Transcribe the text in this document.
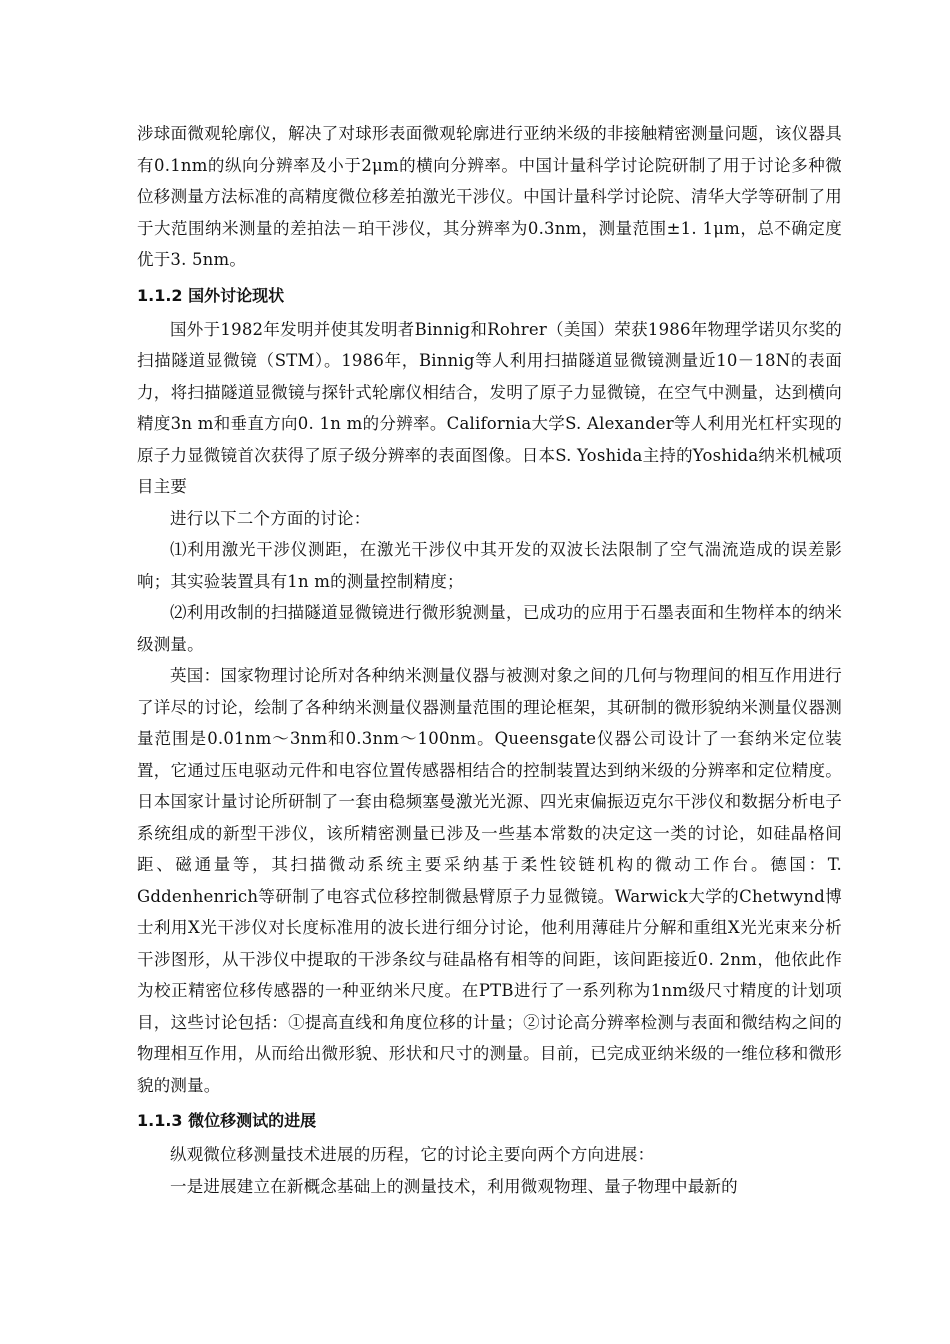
涉球面微观轮廓仪，解决了对球形表面微观轮廓进行亚纳米级的非接触精密测量问题，该仪器具有0.1nm的纵向分辨率及小于2μm的横向分辨率。中国计量科学讨论院研制了用于讨论多种微位移测量方法标准的高精度微位移差拍激光干涉仪。中国计量科学讨论院、清华大学等研制了用于大范围纳米测量的差拍法－珀干涉仪，其分辨率为0.3nm，测量范围±1. 1μm，总不确定度优于3. 5nm。

1.1.2 国外讨论现状

国外于1982年发明并使其发明者Binnig和Rohrer（美国）荣获1986年物理学诺贝尔奖的扫描隧道显微镜（STM）。1986年，Binnig等人利用扫描隧道显微镜测量近10－18N的表面力，将扫描隧道显微镜与探针式轮廓仪相结合，发明了原子力显微镜，在空气中测量，达到横向精度3n m和垂直方向0. 1n m的分辨率。California大学S. Alexander等人利用光杠杆实现的原子力显微镜首次获得了原子级分辨率的表面图像。日本S. Yoshida主持的Yoshida纳米机械项目主要
进行以下二个方面的讨论：

⑴利用激光干涉仪测距，在激光干涉仪中其开发的双波长法限制了空气湍流造成的误差影响；其实验装置具有1n m的测量控制精度；

⑵利用改制的扫描隧道显微镜进行微形貌测量，已成功的应用于石墨表面和生物样本的纳米级测量。

英国：国家物理讨论所对各种纳米测量仪器与被测对象之间的几何与物理间的相互作用进行了详尽的讨论，绘制了各种纳米测量仪器测量范围的理论框架，其研制的微形貌纳米测量仪器测量范围是0.01nm～3nm和0.3nm～100nm。Queensgate仪器公司设计了一套纳米定位装置，它通过压电驱动元件和电容位置传感器相结合的控制装置达到纳米级的分辨率和定位精度。日本国家计量讨论所研制了一套由稳频塞曼激光光源、四光束偏振迈克尔干涉仪和数据分析电子系统组成的新型干涉仪，该所精密测量已涉及一些基本常数的决定这一类的讨论，如硅晶格间距、磁通量等，其扫描微动系统主要采纳基于柔性铰链机构的微动工作台。德国：T. Gddenhenrich等研制了电容式位移控制微悬臂原子力显微镜。Warwick大学的Chetwynd博士利用X光干涉仪对长度标准用的波长进行细分讨论，他利用薄硅片分解和重组X光光束来分析干涉图形，从干涉仪中提取的干涉条纹与硅晶格有相等的间距，该间距接近0. 2nm，他依此作为校正精密位移传感器的一种亚纳米尺度。在PTB进行了一系列称为1nm级尺寸精度的计划项目，这些讨论包括：①提高直线和角度位移的计量；②讨论高分辨率检测与表面和微结构之间的物理相互作用，从而给出微形貌、形状和尺寸的测量。目前，已完成亚纳米级的一维位移和微形貌的测量。

1.1.3 微位移测试的进展

纵观微位移测量技术进展的历程，它的讨论主要向两个方向进展：

一是进展建立在新概念基础上的测量技术，利用微观物理、量子物理中最新的
